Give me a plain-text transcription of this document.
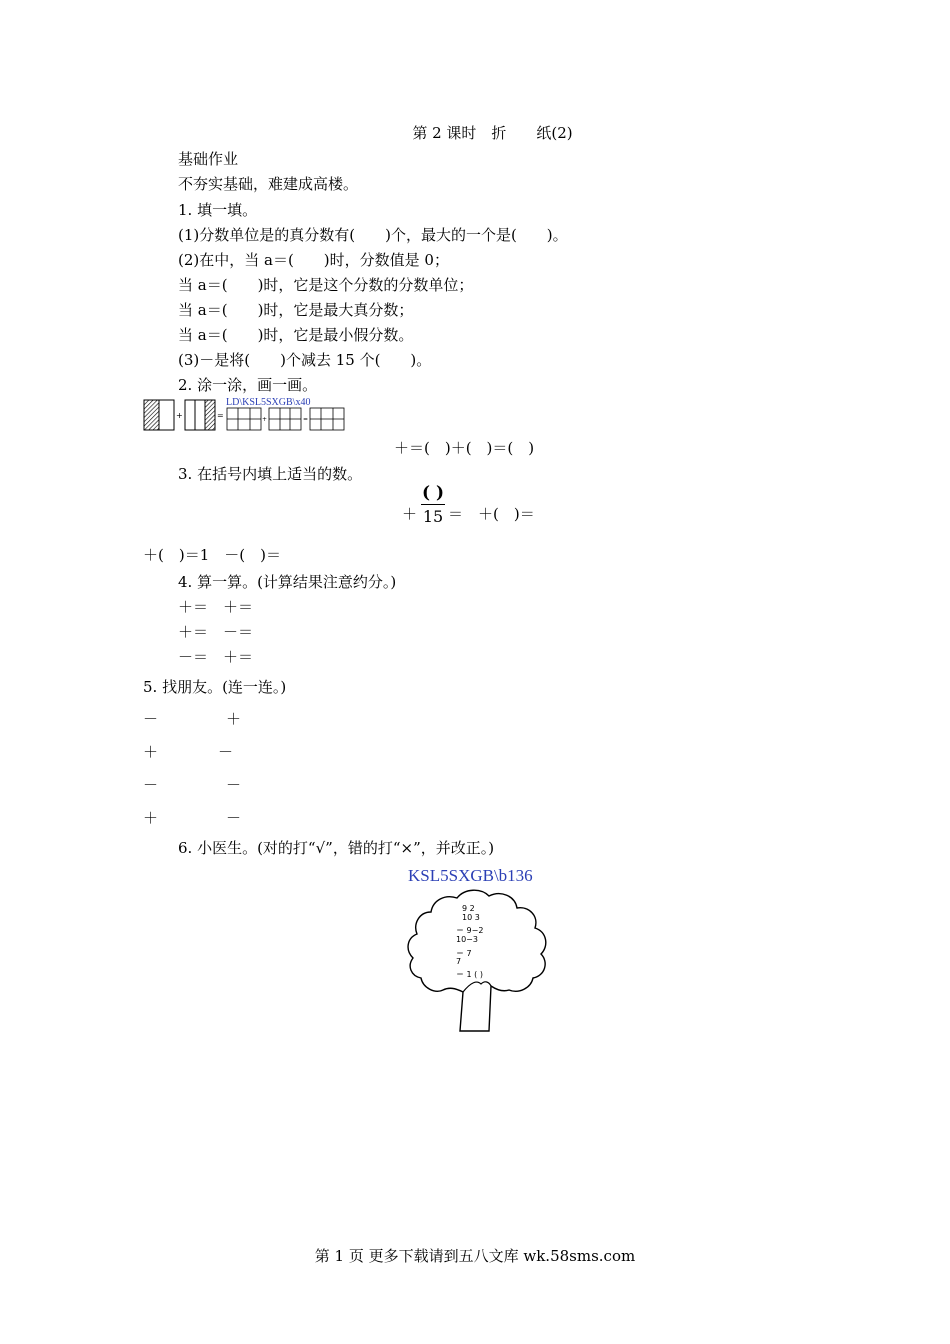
第 2 课时　折　　纸(2)
基础作业
不夯实基础，难建成高楼。
1. 填一填。
(1)分数单位是的真分数有(　　)个，最大的一个是(　　)。
(2)在中，当 a＝(　　)时，分数值是 0；
当 a＝(　　)时，它是这个分数的分数单位；
当 a＝(　　)时，它是最大真分数；
当 a＝(　　)时，它是最小假分数。
(3)－是将(　　)个减去 15 个(　　)。
2. 涂一涂，画一画。
+	=	+	=
LD\KSL5SXGB\x40
＋＝(　)＋(　)＝(　)
3. 在括号内填上适当的数。
＋
( )
15 ＝　＋(　)＝
＋(　)＝1　－(　)＝
4. 算一算。(计算结果注意约分。)
＋＝　＋＝
＋＝　－＝
－＝　＋＝
5. 找朋友。(连一连。)
－	＋
＋	－
－	－
＋	－
6. 小医生。(对的打“√”，错的打“×”，并改正。)
KSL5SXGB\b136
9 2
10 3
＝ 9−2
10−3
＝ 7
7
＝ 1 ( )
第 1 页 更多下载请到五八文库 wk.58sms.com
